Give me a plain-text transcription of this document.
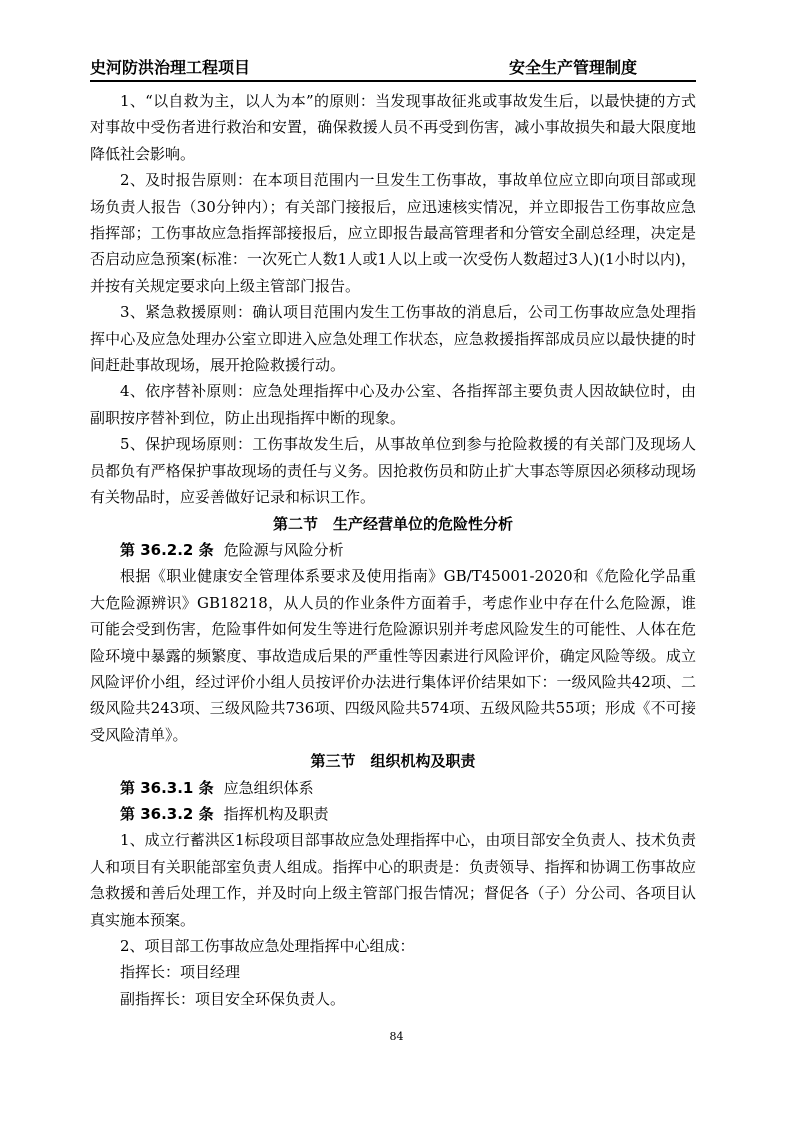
史河防洪治理工程项目	安全生产管理制度

1、“以自救为主，以人为本”的原则：当发现事故征兆或事故发生后，以最快捷的方式对事故中受伤者进行救治和安置，确保救援人员不再受到伤害，减小事故损失和最大限度地降低社会影响。

2、及时报告原则：在本项目范围内一旦发生工伤事故，事故单位应立即向项目部或现场负责人报告（30分钟内）；有关部门接报后，应迅速核实情况，并立即报告工伤事故应急指挥部；工伤事故应急指挥部接报后，应立即报告最高管理者和分管安全副总经理，决定是否启动应急预案(标准：一次死亡人数1人或1人以上或一次受伤人数超过3人)(1小时以内)，并按有关规定要求向上级主管部门报告。

3、紧急救援原则：确认项目范围内发生工伤事故的消息后，公司工伤事故应急处理指挥中心及应急处理办公室立即进入应急处理工作状态，应急救援指挥部成员应以最快捷的时间赶赴事故现场，展开抢险救援行动。

4、依序替补原则：应急处理指挥中心及办公室、各指挥部主要负责人因故缺位时，由副职按序替补到位，防止出现指挥中断的现象。

5、保护现场原则：工伤事故发生后，从事故单位到参与抢险救援的有关部门及现场人员都负有严格保护事故现场的责任与义务。因抢救伤员和防止扩大事态等原因必须移动现场有关物品时，应妥善做好记录和标识工作。

第二节　生产经营单位的危险性分析

第 36.2.2 条 危险源与风险分析

根据《职业健康安全管理体系要求及使用指南》GB/T45001-2020和《危险化学品重大危险源辨识》GB18218，从人员的作业条件方面着手，考虑作业中存在什么危险源，谁可能会受到伤害，危险事件如何发生等进行危险源识别并考虑风险发生的可能性、人体在危险环境中暴露的频繁度、事故造成后果的严重性等因素进行风险评价，确定风险等级。成立风险评价小组，经过评价小组人员按评价办法进行集体评价结果如下：一级风险共42项、二级风险共243项、三级风险共736项、四级风险共574项、五级风险共55项；形成《不可接受风险清单》。

第三节　组织机构及职责

第 36.3.1 条 应急组织体系

第 36.3.2 条 指挥机构及职责

1、成立行蓄洪区1标段项目部事故应急处理指挥中心，由项目部安全负责人、技术负责人和项目有关职能部室负责人组成。指挥中心的职责是：负责领导、指挥和协调工伤事故应急救援和善后处理工作，并及时向上级主管部门报告情况；督促各（子）分公司、各项目认真实施本预案。

2、项目部工伤事故应急处理指挥中心组成：

指挥长：项目经理

副指挥长：项目安全环保负责人。

84
